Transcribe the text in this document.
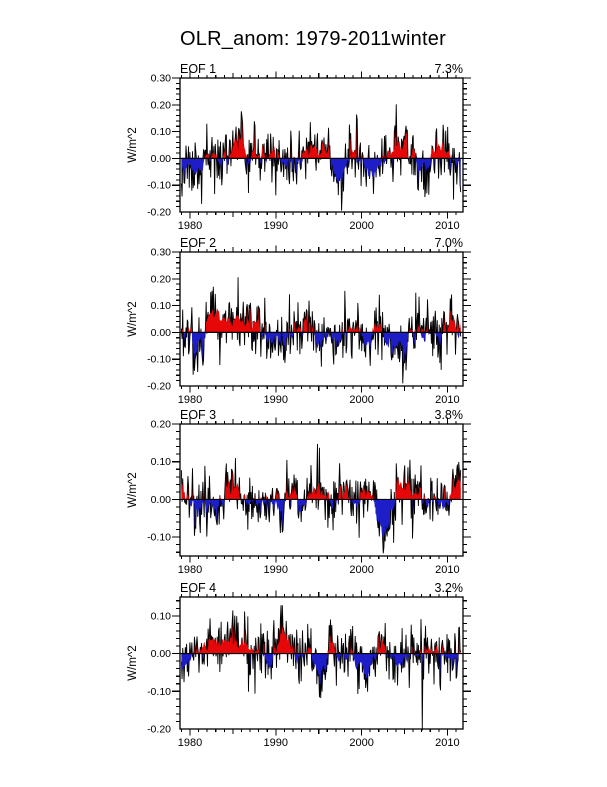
0.30
0.20
0.10
0.00
-0.10
-0.20
1980	1990	2000	2010
0.30
0.20
0.10
0.00
-0.10
-0.20
1980	1990	2000	2010
0.20
0.10
0.00
-0.10
1980	1990	2000	2010
0.10
0.00
-0.10
-0.20
1980	1990	2000	2010
OLR_anom: 1979-2011winter
EOF 1	7.3%
W/m^2
EOF 2	7.0%
W/m^2
EOF 3	3.8%
W/m^2
EOF 4	3.2%
W/m^2
